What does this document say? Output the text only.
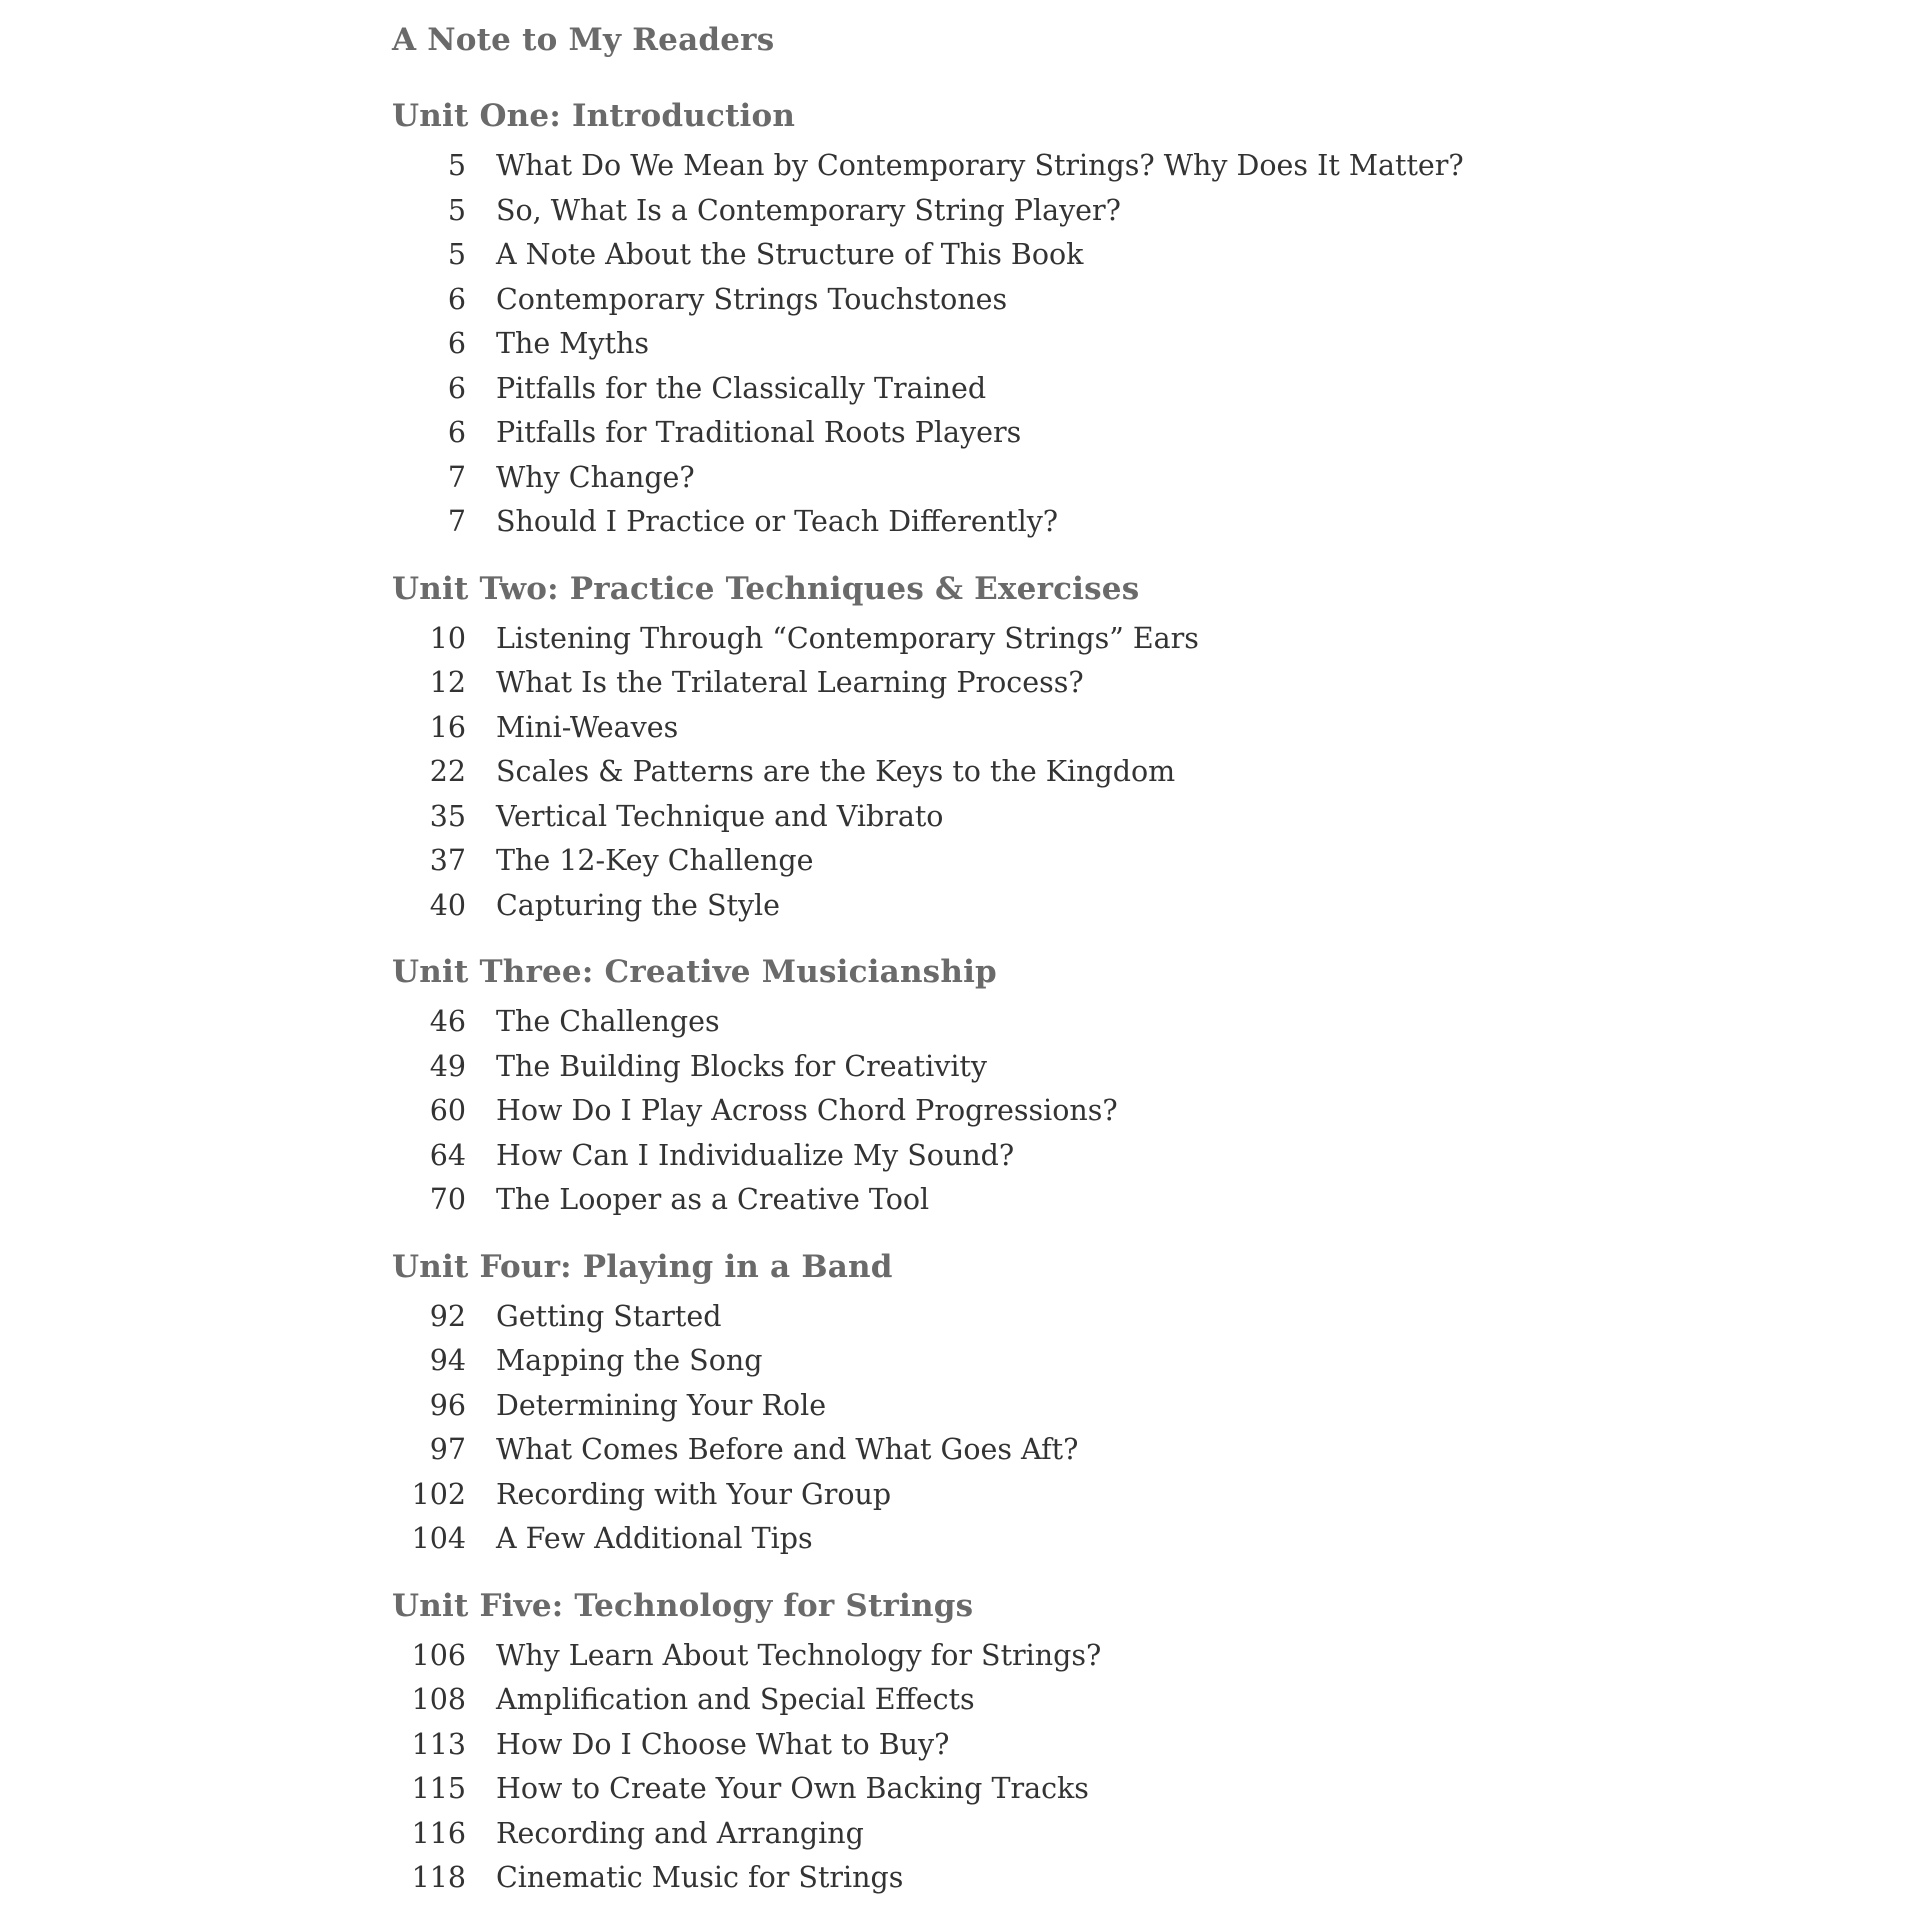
A Note to My Readers
Unit One: Introduction
5	What Do We Mean by Contemporary Strings? Why Does It Matter?
5	So, What Is a Contemporary String Player?
5	A Note About the Structure of This Book
6	Contemporary Strings Touchstones
6	The Myths
6	Pitfalls for the Classically Trained
6	Pitfalls for Traditional Roots Players
7	Why Change?
7	Should I Practice or Teach Differently?
Unit Two: Practice Techniques & Exercises
10	Listening Through “Contemporary Strings” Ears
12	What Is the Trilateral Learning Process?
16	Mini-Weaves
22	Scales & Patterns are the Keys to the Kingdom
35	Vertical Technique and Vibrato
37	The 12-Key Challenge
40	Capturing the Style
Unit Three: Creative Musicianship
46	The Challenges
49	The Building Blocks for Creativity
60	How Do I Play Across Chord Progressions?
64	How Can I Individualize My Sound?
70	The Looper as a Creative Tool
Unit Four: Playing in a Band
92	Getting Started
94	Mapping the Song
96	Determining Your Role
97	What Comes Before and What Goes Aft?
102	Recording with Your Group
104	A Few Additional Tips
Unit Five: Technology for Strings
106	Why Learn About Technology for Strings?
108	Amplification and Special Effects
113	How Do I Choose What to Buy?
115	How to Create Your Own Backing Tracks
116	Recording and Arranging
118	Cinematic Music for Strings
